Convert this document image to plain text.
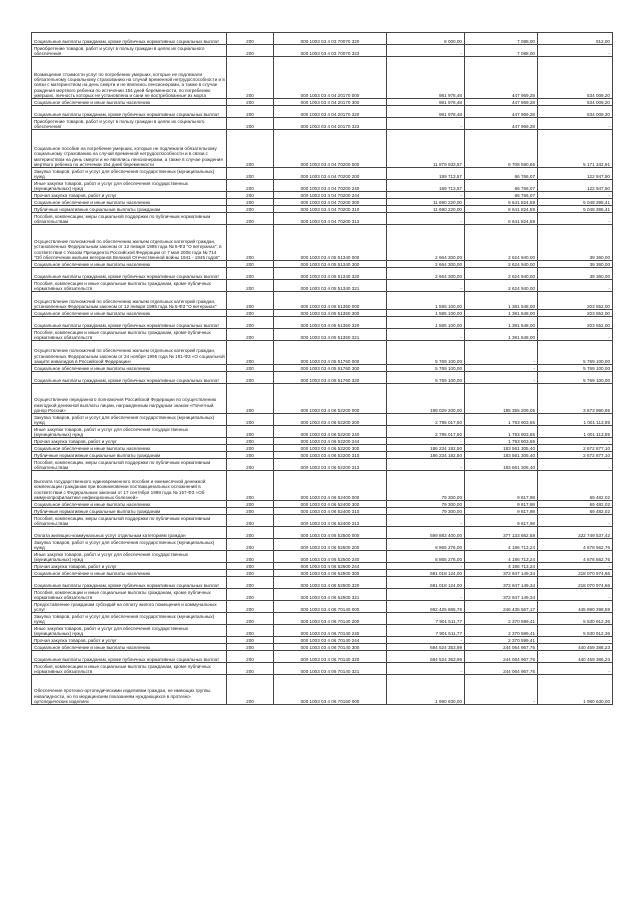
Социальные выплаты гражданам, кроме публичных нормативных социальных выплат	200	000 1003 03 4 03 70070 320	6 000,00	7 088,00	912,00
Приобретение товаров, работ и услуг в пользу граждан в целях их социального обеспечения	200	000 1003 03 4 03 70070 323	-	7 088,00	-
Возмещение стоимости услуг по погребению умерших, которые не подлежали обязательному социальному страхованию на случай временной нетрудоспособности и в связи с материнством на день смерти и не являлись пенсионерами, а также в случае рождения мертвого ребенка по истечении 154 дней беременности, по погребению умерших, личность которых не установлена и сани не востребованные из морга	200	000 1003 03 4 04 20170 000	981 978,48	447 969,28	534 009,20
Социальное обеспечение и иные выплаты населению	200	000 1003 03 4 04 20170 300	981 978,48	447 969,28	534 009,20
Социальные выплаты гражданам, кроме публичных нормативных социальных выплат	200	000 1003 03 4 04 20170 320	981 978,48	447 969,28	534 009,20
Приобретение товаров, работ и услуг в пользу граждан в целях их социального обеспечения	200	000 1003 03 4 04 20170 323	-	447 969,28	-
Социальное пособие на погребение умерших, которые не подлежали обязательному социальному страхованию на случай временной нетрудоспособности и в связи с материнством на день смерти и не являлись пенсионерами, а также в случае рождения мертвого ребенка по истечении 154 дней беременности	200	000 1003 03 4 04 70200 000	11 879 933,57	6 708 590,66	5 171 342,91
Закупка товаров, работ и услуг для обеспечения государственных (муниципальных) нужд	200	000 1003 03 4 04 70200 200	189 713,57	66 766,07	122 947,50
Иные закупки товаров, работ и услуг для обеспечения государственных (муниципальных) нужд	200	000 1003 03 4 04 70200 240	189 713,57	66 766,07	122 947,50
Прочая закупка товаров, работ и услуг	200	000 1003 03 4 04 70200 244	-	66 766,07	-
Социальное обеспечение и иные выплаты населению	200	000 1003 03 4 04 70200 300	11 690 220,00	6 641 824,59	5 048 395,41
Публичные нормативные социальные выплаты гражданам	200	000 1003 03 4 04 70200 310	11 690 220,00	6 641 824,59	5 048 395,41
Пособия, компенсации, меры социальной поддержки по публичным нормативным обязательствам	200	000 1003 03 4 04 70200 313	-	6 641 824,59	-
Осуществление полномочий по обеспечению жильем отдельных категорий граждан, установленных Федеральным законом от 12 января 1995 года № 5-ФЗ "О ветеранах", в соответствии с Указом Президента Российской Федерации от 7 мая 2008 года № 714 "Об обеспечении жильем ветеранов Великой Отечественной войны 1941 - 1945 годов"	200	000 1003 03 4 05 51340 000	2 664 300,00	2 624 940,00	39 360,00
Социальное обеспечение и иные выплаты населению	200	000 1003 03 4 05 51340 300	2 664 300,00	2 624 940,00	39 360,00
Социальные выплаты гражданам, кроме публичных нормативных социальных выплат	200	000 1003 03 4 05 51340 320	2 664 300,00	2 624 940,00	39 360,00
Пособия, компенсации и иные социальные выплаты гражданам, кроме публичных нормативных обязательств	200	000 1003 03 4 05 51340 321	-	2 624 940,00	-
Осуществление полномочий по обеспечению жильем отдельных категорий граждан, установленных Федеральным законом от 12 января 1995 года № 5-ФЗ "О ветеранах"	200	000 1003 03 4 05 51350 000	1 585 100,00	1 381 548,00	203 552,00
Социальное обеспечение и иные выплаты населению	200	000 1003 03 4 05 51350 300	1 585 100,00	1 381 548,00	203 552,00
Социальные выплаты гражданам, кроме публичных нормативных социальных выплат	200	000 1003 03 4 05 51350 320	1 585 100,00	1 381 548,00	203 552,00
Пособия, компенсации и иные социальные выплаты гражданам, кроме публичных нормативных обязательств	200	000 1003 03 4 05 51350 321	-	1 381 548,00	-
Осуществление полномочий по обеспечению жильем отдельных категорий граждан, установленных Федеральным законом от 24 ноября 1995 года № 181-ФЗ «О социальной защите инвалидов в Российской Федерации»	200	000 1003 03 4 05 51760 000	5 769 100,00	-	5 769 100,00
Социальное обеспечение и иные выплаты населению	200	000 1003 03 4 05 51760 300	5 769 100,00	-	5 769 100,00
Социальные выплаты гражданам, кроме публичных нормативных социальных выплат	200	000 1003 03 4 05 51760 320	5 769 100,00	-	5 769 100,00
Осуществление переданного полномочия Российской Федерации по осуществлению ежегодной денежной выплаты лицам, награжденным нагрудным знаком «Почетный донор России»	200	000 1003 03 4 06 52200 000	189 029 200,00	185 355 209,05	3 673 990,95
Закупка товаров, работ и услуг для обеспечения государственных (муниципальных) нужд	200	000 1003 03 4 06 52200 200	2 795 017,50	1 793 903,65	1 001 113,85
Иные закупки товаров, работ и услуг для обеспечения государственных (муниципальных) нужд	200	000 1003 03 4 06 52200 240	2 795 017,50	1 793 903,65	1 001 113,85
Прочая закупка товаров, работ и услуг	200	000 1003 03 4 06 52200 244	-	1 793 903,65	-
Социальное обеспечение и иные выплаты населению	200	000 1003 03 4 06 52200 300	186 234 182,50	183 561 305,40	2 672 877,10
Публичные нормативные социальные выплаты гражданам	200	000 1003 03 4 06 52200 310	186 234 182,50	183 561 305,40	2 672 877,10
Пособия, компенсации, меры социальной поддержки по публичным нормативным обязательствам	200	000 1003 03 4 06 52200 313	-	183 561 305,40	-
Выплата государственного единовременного пособия и ежемесячной денежной компенсации гражданам при возникновении поствакцинальных осложнений в соответствии с Федеральным законом от 17 сентября 1998 года № 157-ФЗ «Об иммунопрофилактике инфекционных болезней»	200	000 1003 03 4 06 52400 000	79 300,00	9 817,98	69 482,02
Социальное обеспечение и иные выплаты населению	200	000 1003 03 4 06 52400 300	79 300,00	9 817,98	69 482,02
Публичные нормативные социальные выплаты гражданам	200	000 1003 03 4 06 52400 310	79 300,00	9 817,98	69 482,02
Пособия, компенсации, меры социальной поддержки по публичным нормативным обязательствам	200	000 1003 03 4 06 52400 313	-	9 817,98	-
Оплата жилищно-коммунальных услуг отдельным категориям граждан	200	000 1003 03 4 06 52500 000	599 883 400,00	377 133 862,58	222 749 537,42
Закупка товаров, работ и услуг для обеспечения государственных (муниципальных) нужд	200	000 1003 03 4 06 52500 200	8 865 276,00	4 186 713,24	4 678 562,76
Иные закупки товаров, работ и услуг для обеспечения государственных (муниципальных) нужд	200	000 1003 03 4 06 52500 240	8 865 276,00	4 186 713,24	4 678 562,76
Прочая закупка товаров, работ и услуг	200	000 1003 03 4 06 52500 244	-	4 186 713,24	-
Социальное обеспечение и иные выплаты населению	200	000 1003 03 4 06 52500 300	591 018 124,00	372 947 149,34	218 070 974,66
Социальные выплаты гражданам, кроме публичных нормативных социальных выплат	200	000 1003 03 4 06 52500 320	591 018 124,00	372 947 149,34	218 070 974,66
Пособия, компенсации и иные социальные выплаты гражданам, кроме публичных нормативных обязательств	200	000 1003 03 4 06 52500 321	-	372 947 149,34	-
Предоставление гражданам субсидий на оплату жилого помещения и коммунальных услуг	200	000 1003 03 4 06 70140 000	692 425 865,76	246 435 567,17	445 990 298,59
Закупка товаров, работ и услуг для обеспечения государственных (муниципальных) нужд	200	000 1003 03 4 06 70140 200	7 901 511,77	2 370 599,41	5 530 912,36
Иные закупки товаров, работ и услуг для обеспечения государственных (муниципальных) нужд	200	000 1003 03 4 06 70140 240	7 901 511,77	2 370 599,41	5 530 912,36
Прочая закупка товаров, работ и услуг	200	000 1003 03 4 06 70140 244	-	2 370 599,41	-
Социальное обеспечение и иные выплаты населению	200	000 1003 03 4 06 70140 300	684 524 353,99	244 064 967,76	440 459 386,23
Социальные выплаты гражданам, кроме публичных нормативных социальных выплат	200	000 1003 03 4 06 70140 320	684 524 353,99	244 064 967,76	440 459 386,23
Пособия, компенсации и иные социальные выплаты гражданам, кроме публичных нормативных обязательств	200	000 1003 03 4 06 70140 321	-	244 064 967,76	-
Обеспечение протезно-ортопедическими изделиями граждан, не имеющих группы инвалидности, но по медицинским показаниям нуждающихся в протезно-ортопедических изделиях	200	000 1003 03 4 06 70150 000	1 980 630,00	-	1 980 630,00
